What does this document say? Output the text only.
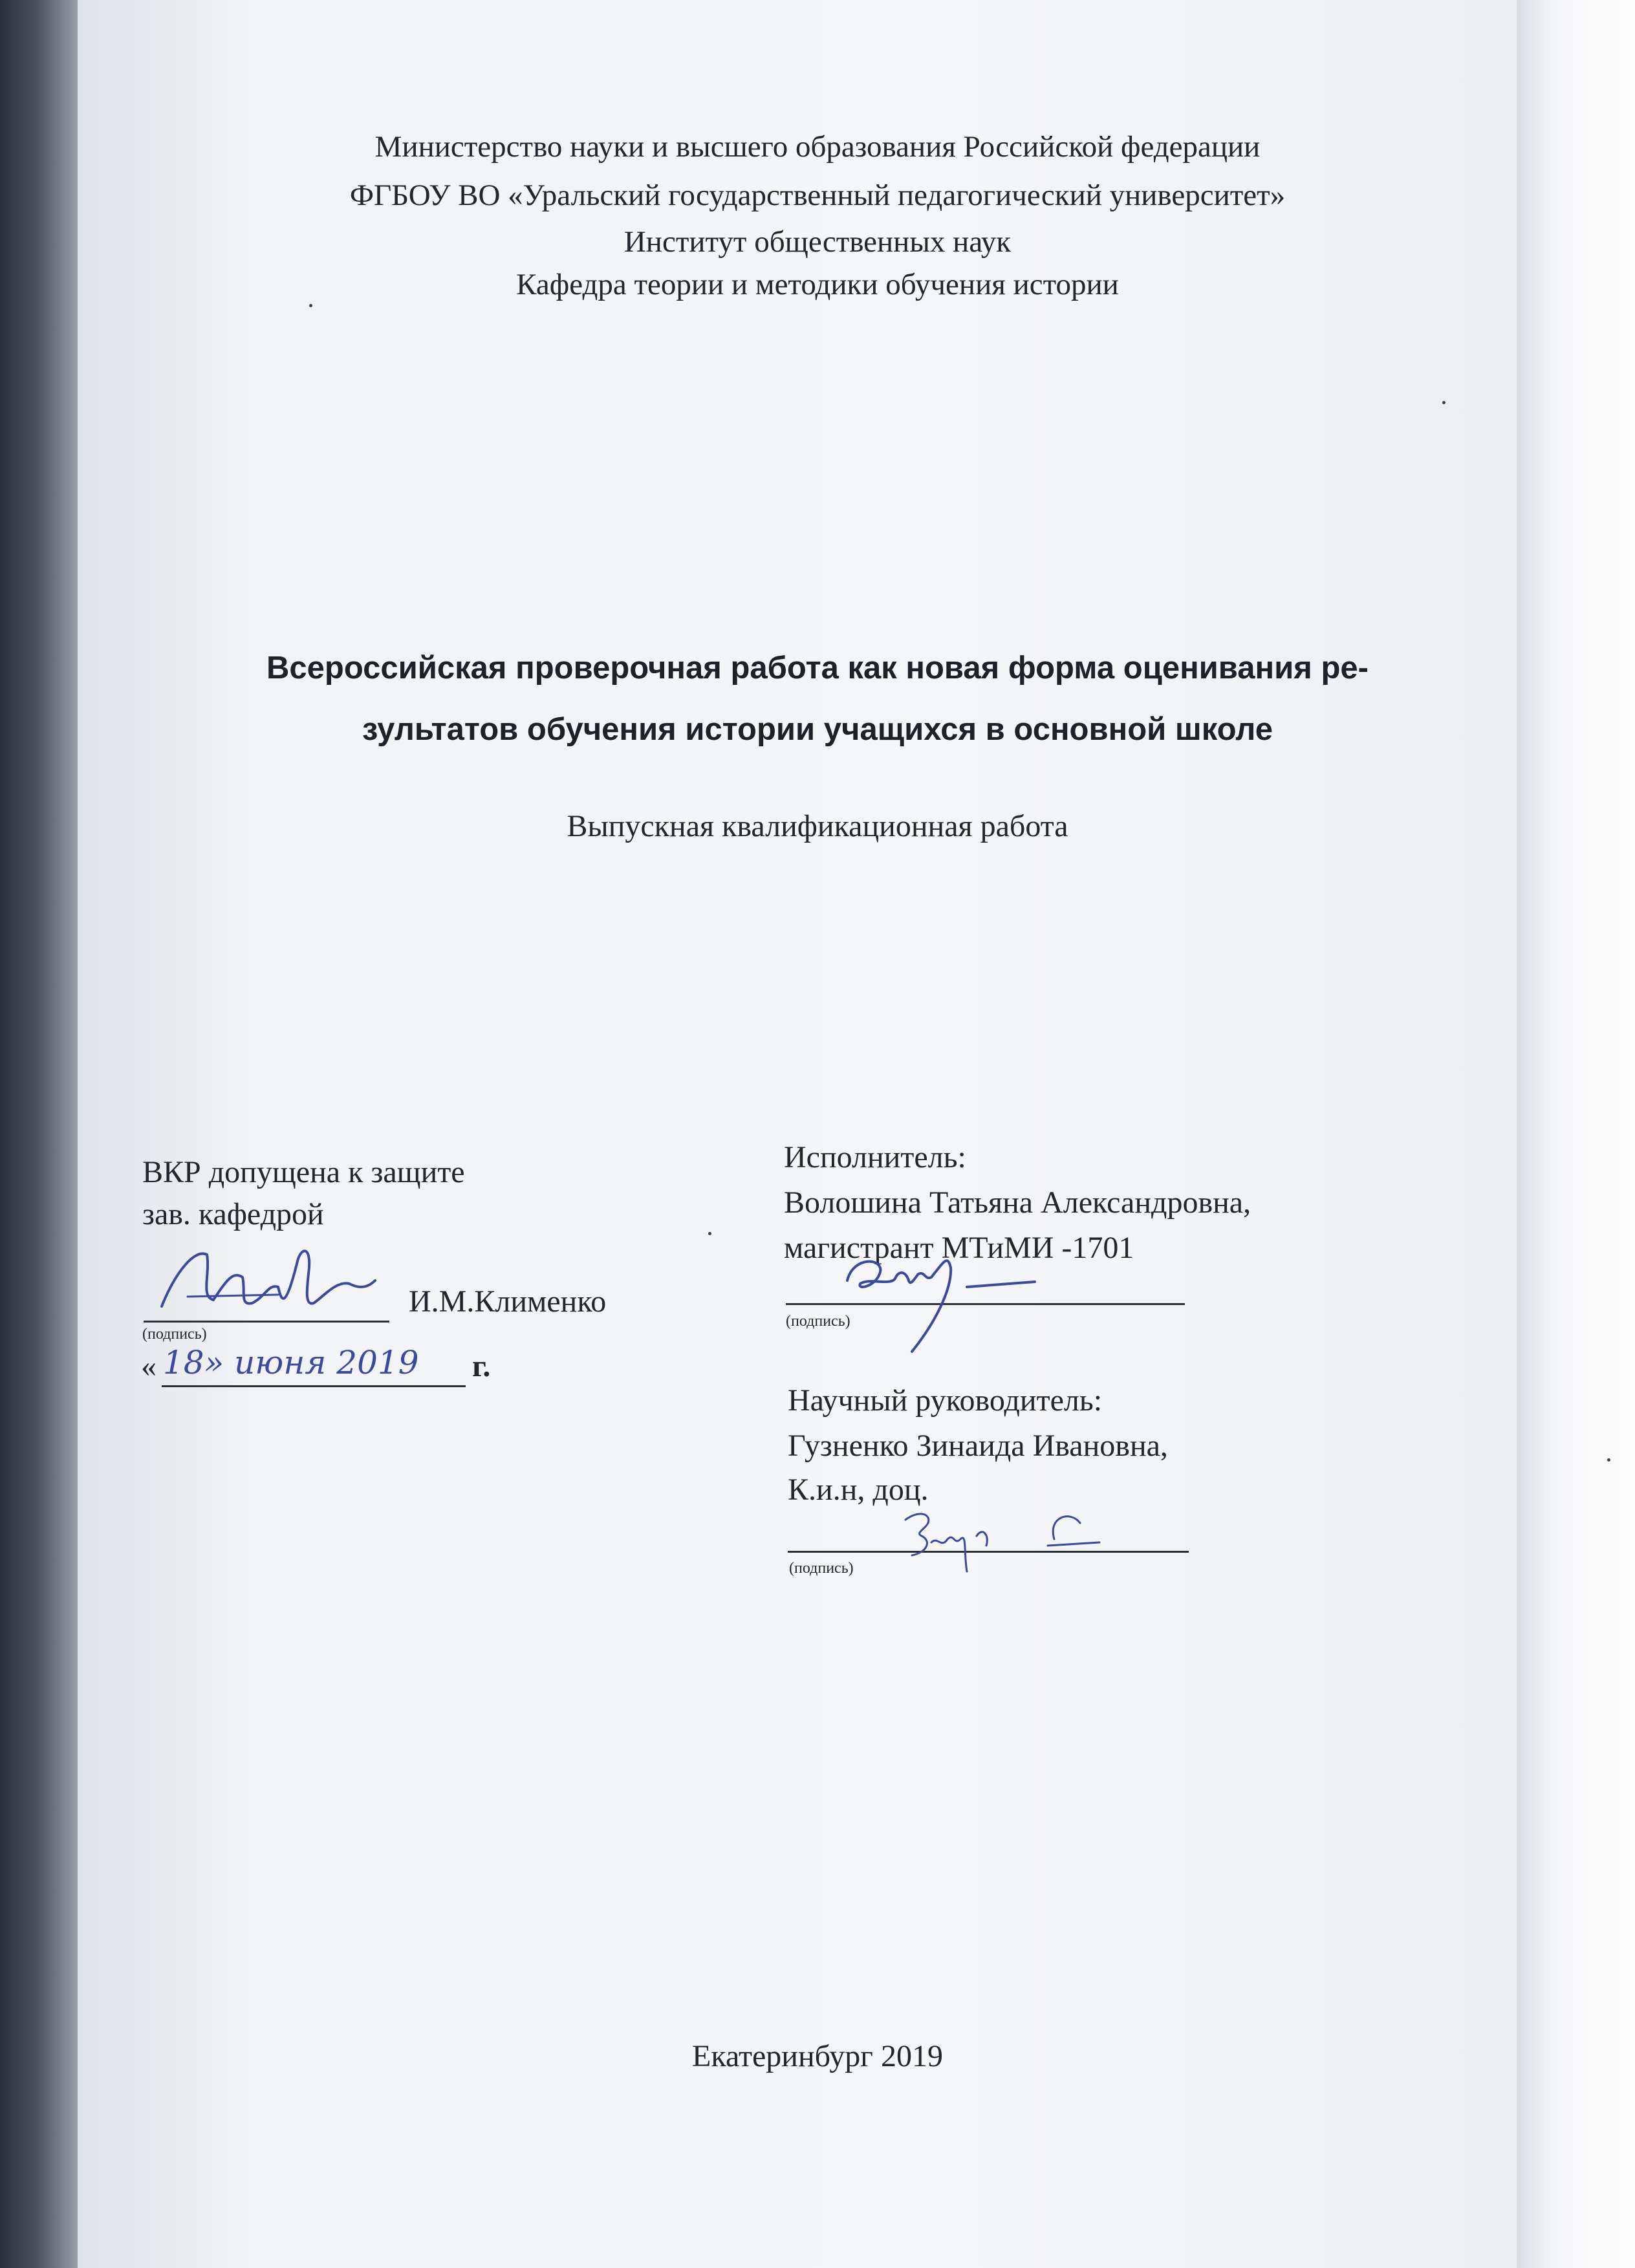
Министерство науки и высшего образования Российской федерации
ФГБОУ ВО «Уральский государственный педагогический университет»
Институт общественных наук
Кафедра теории и методики обучения истории
Всероссийская проверочная работа как новая форма оценивания ре-
зультатов обучения истории учащихся в основной школе
Выпускная квалификационная работа
ВКР допущена к защите
зав. кафедрой
И.М.Клименко
(подпись)
« 18» июня 2019 г.
Исполнитель:
Волошина Татьяна Александровна,
магистрант МТиМИ -1701
(подпись)
Научный руководитель:
Гузненко Зинаида Ивановна,
К.и.н, доц.
(подпись)
Екатеринбург 2019
